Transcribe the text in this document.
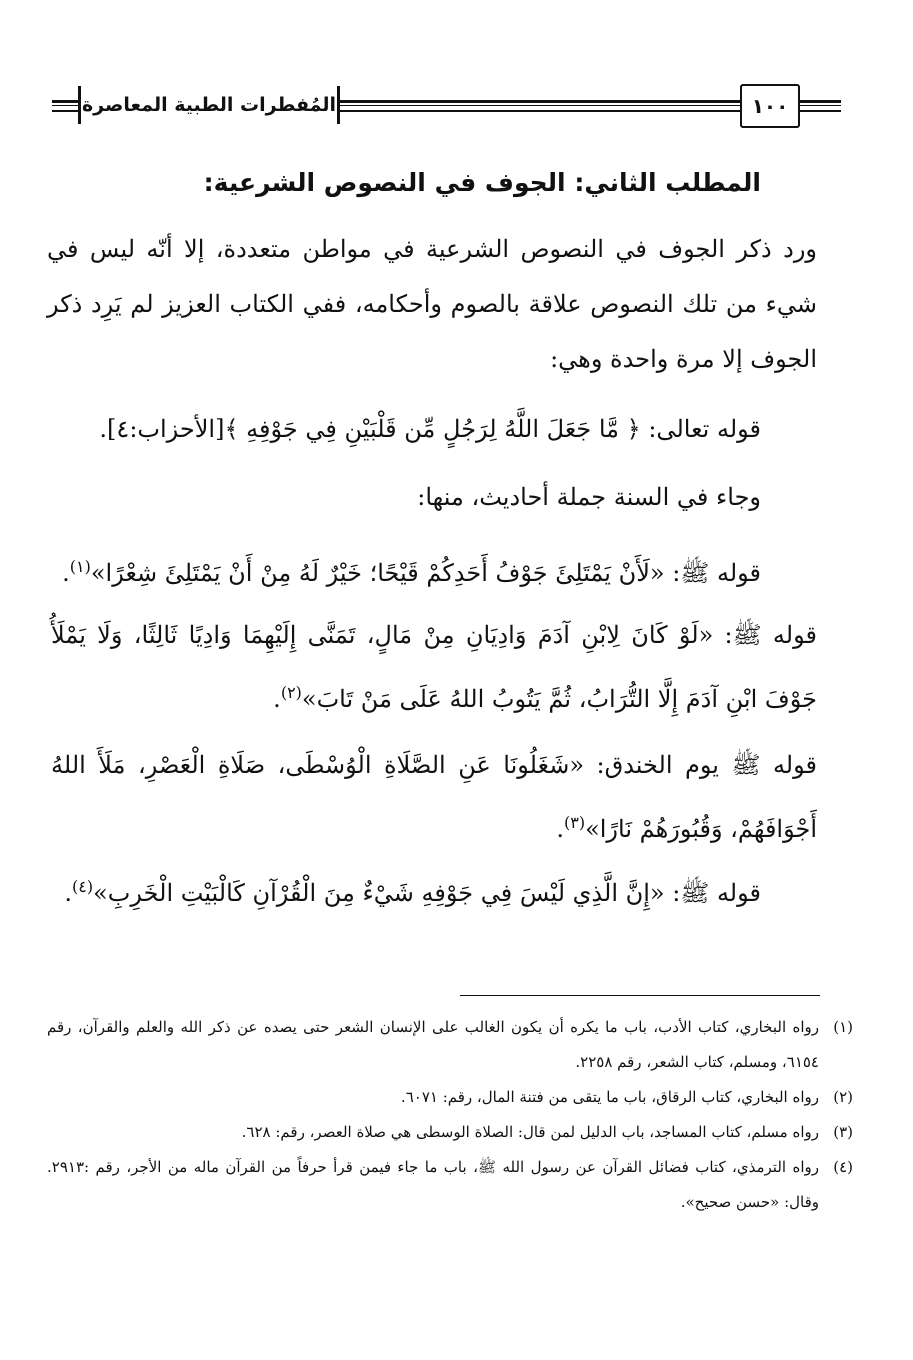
المُفطرات الطبية المعاصرة	١٠٠
المطلب الثاني: الجوف في النصوص الشرعية:
ورد ذكر الجوف في النصوص الشرعية في مواطن متعددة، إلا أنّه ليس في شيء من تلك النصوص علاقة بالصوم وأحكامه، ففي الكتاب العزيز لم يَرِد ذكر الجوف إلا مرة واحدة وهي:
قوله تعالى: ﴿ مَّا جَعَلَ اللَّهُ لِرَجُلٍ مِّن قَلْبَيْنِ فِي جَوْفِهِ ﴾[الأحزاب:٤].
وجاء في السنة جملة أحاديث، منها:
قوله ﷺ: «لَأَنْ يَمْتَلِئَ جَوْفُ أَحَدِكُمْ قَيْحًا؛ خَيْرٌ لَهُ مِنْ أَنْ يَمْتَلِئَ شِعْرًا»$^{(١)}$.
قوله ﷺ: «لَوْ كَانَ لِابْنِ آدَمَ وَادِيَانِ مِنْ مَالٍ، تَمَنَّى إِلَيْهِمَا وَادِيًا ثَالِثًا، وَلَا يَمْلَأُ جَوْفَ ابْنِ آدَمَ إِلَّا التُّرَابُ، ثُمَّ يَتُوبُ اللهُ عَلَى مَنْ تَابَ»$^{(٢)}$.
قوله ﷺ يوم الخندق: «شَغَلُونَا عَنِ الصَّلَاةِ الْوُسْطَى، صَلَاةِ الْعَصْرِ، مَلَأَ اللهُ أَجْوَافَهُمْ، وَقُبُورَهُمْ نَارًا»$^{(٣)}$.
قوله ﷺ: «إِنَّ الَّذِي لَيْسَ فِي جَوْفِهِ شَيْءٌ مِنَ الْقُرْآنِ كَالْبَيْتِ الْخَرِبِ»$^{(٤)}$.
(١)رواه البخاري، كتاب الأدب، باب ما يكره أن يكون الغالب على الإنسان الشعر حتى يصده عن ذكر الله والعلم والقرآن، رقم ٦١٥٤، ومسلم، كتاب الشعر، رقم ٢٢٥٨.
(٢)رواه البخاري، كتاب الرقاق، باب ما يتقى من فتنة المال، رقم: ٦٠٧١.
(٣)رواه مسلم، كتاب المساجد، باب الدليل لمن قال: الصلاة الوسطى هي صلاة العصر، رقم: ٦٢٨.
(٤)رواه الترمذي، كتاب فضائل القرآن عن رسول الله ﷺ، باب ما جاء فيمن قرأ حرفاً من القرآن ماله من الأجر، رقم :٢٩١٣. وقال: «حسن صحيح».
